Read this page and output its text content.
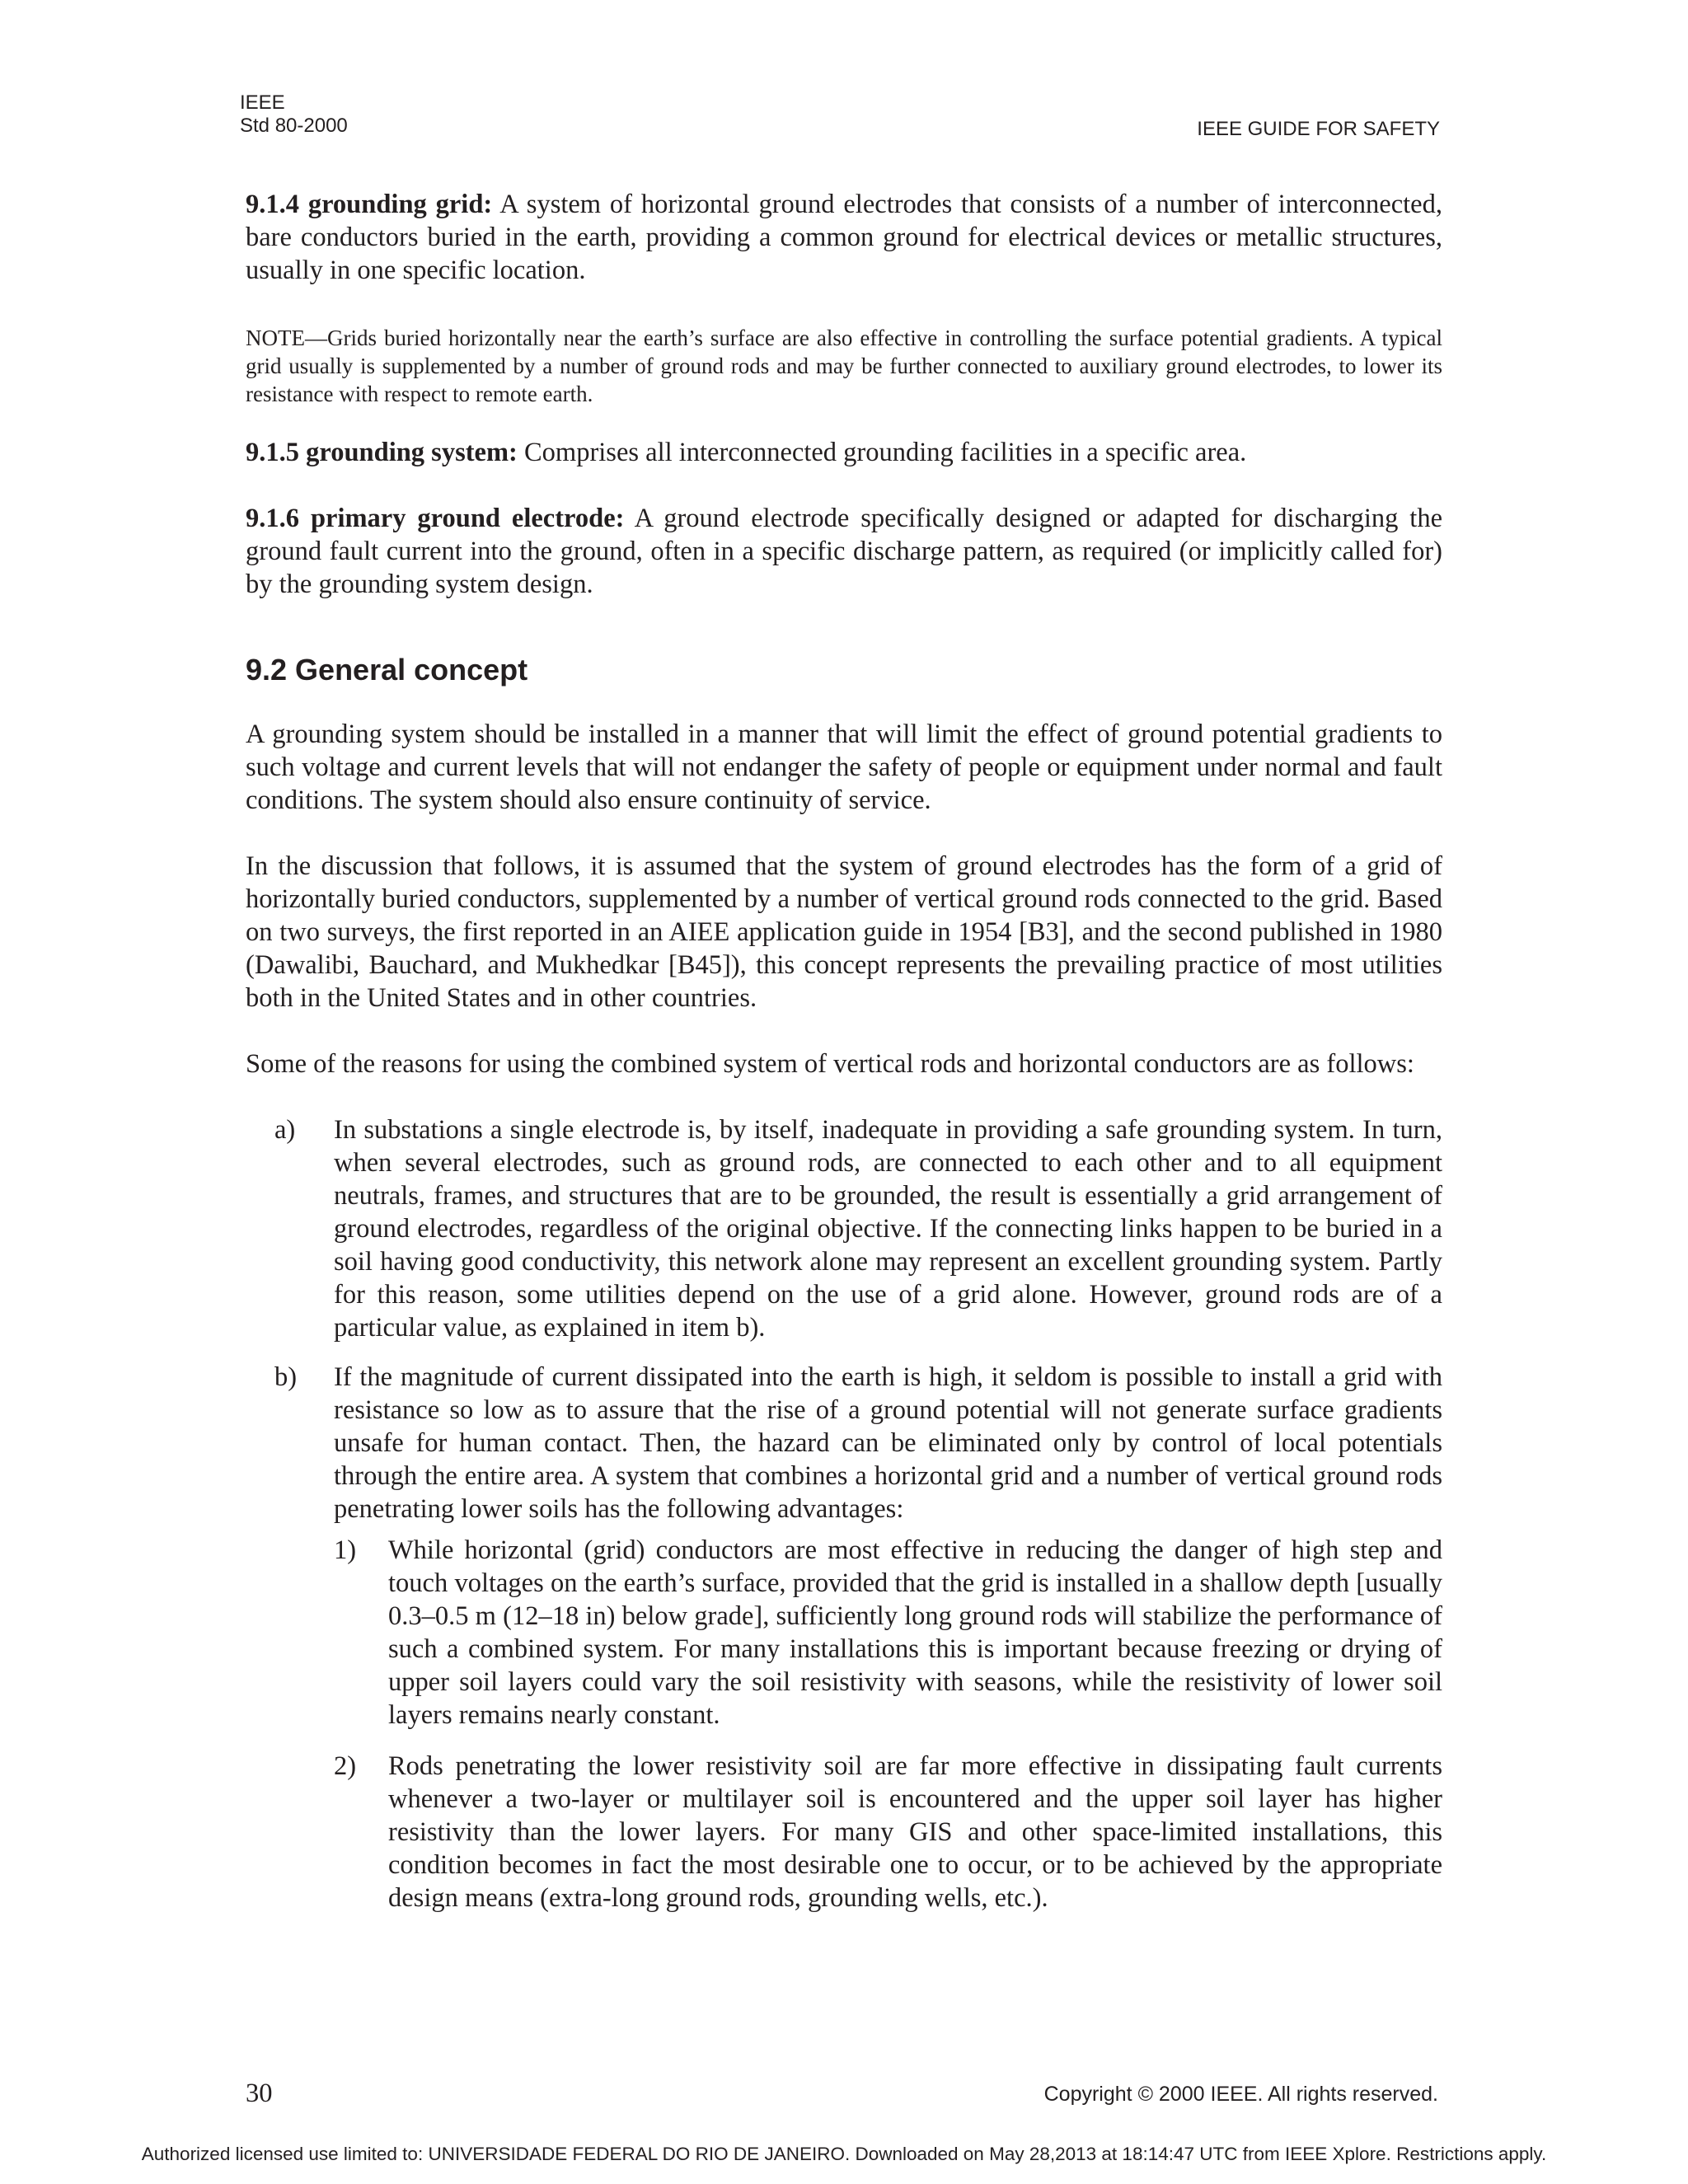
IEEE
Std 80-2000	IEEE GUIDE FOR SAFETY

9.1.4 grounding grid: A system of horizontal ground electrodes that consists of a number of interconnected, bare conductors buried in the earth, providing a common ground for electrical devices or metallic structures, usually in one specific location.

NOTE—Grids buried horizontally near the earth’s surface are also effective in controlling the surface potential gradients. A typical grid usually is supplemented by a number of ground rods and may be further connected to auxiliary ground electrodes, to lower its resistance with respect to remote earth.

9.1.5 grounding system: Comprises all interconnected grounding facilities in a specific area.

9.1.6 primary ground electrode: A ground electrode specifically designed or adapted for discharging the ground fault current into the ground, often in a specific discharge pattern, as required (or implicitly called for) by the grounding system design.

9.2 General concept

A grounding system should be installed in a manner that will limit the effect of ground potential gradients to such voltage and current levels that will not endanger the safety of people or equipment under normal and fault conditions. The system should also ensure continuity of service.

In the discussion that follows, it is assumed that the system of ground electrodes has the form of a grid of horizontally buried conductors, supplemented by a number of vertical ground rods connected to the grid. Based on two surveys, the first reported in an AIEE application guide in 1954 [B3], and the second published in 1980 (Dawalibi, Bauchard, and Mukhedkar [B45]), this concept represents the prevailing practice of most utilities both in the United States and in other countries.

Some of the reasons for using the combined system of vertical rods and horizontal conductors are as follows:

a) In substations a single electrode is, by itself, inadequate in providing a safe grounding system. In turn, when several electrodes, such as ground rods, are connected to each other and to all equipment neutrals, frames, and structures that are to be grounded, the result is essentially a grid arrangement of ground electrodes, regardless of the original objective. If the connecting links happen to be buried in a soil having good conductivity, this network alone may represent an excellent grounding system. Partly for this reason, some utilities depend on the use of a grid alone. However, ground rods are of a particular value, as explained in item b).

b) If the magnitude of current dissipated into the earth is high, it seldom is possible to install a grid with resistance so low as to assure that the rise of a ground potential will not generate surface gradients unsafe for human contact. Then, the hazard can be eliminated only by control of local potentials through the entire area. A system that combines a horizontal grid and a number of vertical ground rods penetrating lower soils has the following advantages:

1) While horizontal (grid) conductors are most effective in reducing the danger of high step and touch voltages on the earth’s surface, provided that the grid is installed in a shallow depth [usually 0.3–0.5 m (12–18 in) below grade], sufficiently long ground rods will stabilize the performance of such a combined system. For many installations this is important because freezing or drying of upper soil layers could vary the soil resistivity with seasons, while the resistivity of lower soil layers remains nearly constant.

2) Rods penetrating the lower resistivity soil are far more effective in dissipating fault currents whenever a two-layer or multilayer soil is encountered and the upper soil layer has higher resistivity than the lower layers. For many GIS and other space-limited installations, this condition becomes in fact the most desirable one to occur, or to be achieved by the appropriate design means (extra-long ground rods, grounding wells, etc.).

30	Copyright © 2000 IEEE. All rights reserved.
Authorized licensed use limited to: UNIVERSIDADE FEDERAL DO RIO DE JANEIRO. Downloaded on May 28,2013 at 18:14:47 UTC from IEEE Xplore. Restrictions apply.
